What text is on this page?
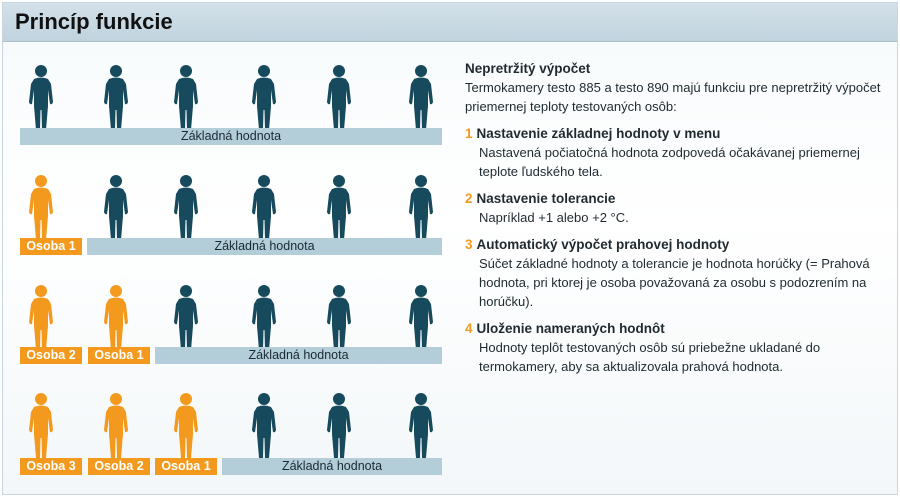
Princíp funkcie
Základná hodnota
Osoba 1	Základná hodnota
Osoba 2	Osoba 1	Základná hodnota
Osoba 3	Osoba 2	Osoba 1	Základná hodnota
Nepretržitý výpočet
Termokamery testo 885 a testo 890 majú funkciu pre nepretržitý výpočet priemernej teploty testovaných osôb:
1 Nastavenie základnej hodnoty v menu
Nastavená počiatočná hodnota zodpovedá očakávanej priemernej teplote ľudského tela.
2 Nastavenie tolerancie
Napríklad +1 alebo +2 °C.
3 Automatický výpočet prahovej hodnoty
Súčet základné hodnoty a tolerancie je hodnota horúčky (= Prahová hodnota, pri ktorej je osoba považovaná za osobu s podozrením na horúčku).
4 Uloženie nameraných hodnôt
Hodnoty teplôt testovaných osôb sú priebežne ukladané do termokamery, aby sa aktualizovala prahová hodnota.
